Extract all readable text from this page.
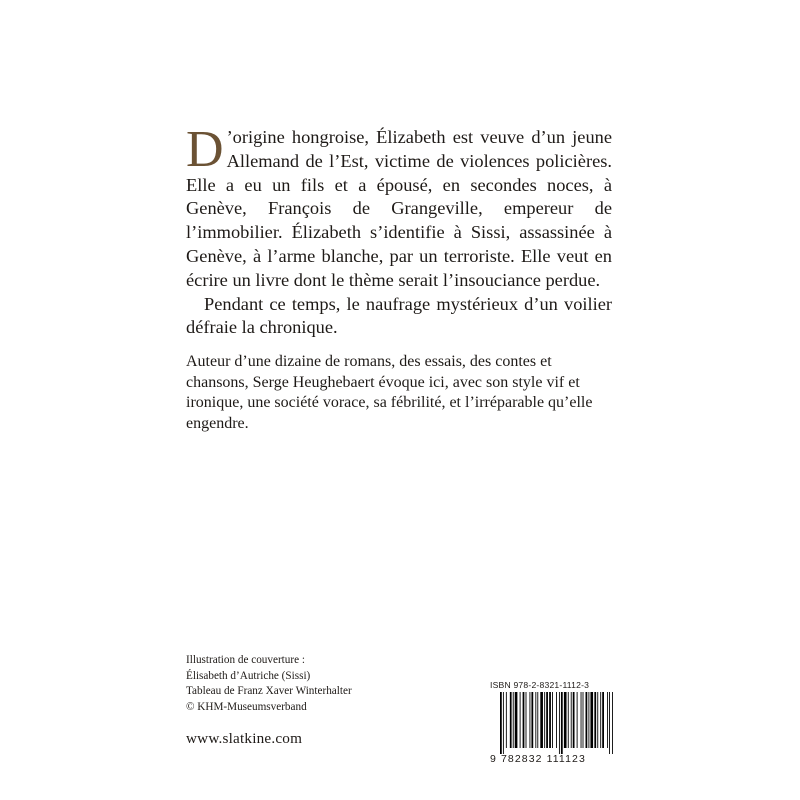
D ’origine hongroise, Élizabeth est veuve d’un jeune Allemand de l’Est, victime de violences policières. Elle a eu un fils et a épousé, en secondes noces, à Genève, François de Grangeville, empereur de l’immobilier. Élizabeth s’identifie à Sissi, assassinée à Genève, à l’arme blanche, par un terroriste. Elle veut en écrire un livre dont le thème serait l’insouciance perdue.

Pendant ce temps, le naufrage mystérieux d’un voilier défraie la chronique.

Auteur d’une dizaine de romans, des essais, des contes et chansons, Serge Heughebaert évoque ici, avec son style vif et ironique, une société vorace, sa fébrilité, et l’irréparable qu’elle engendre.

Illustration de couverture :
Élisabeth d’Autriche (Sissi)
Tableau de Franz Xaver Winterhalter
© KHM-Museumsverband
www.slatkine.com
ISBN 978-2-8321-1112-3
9 782832 111123
